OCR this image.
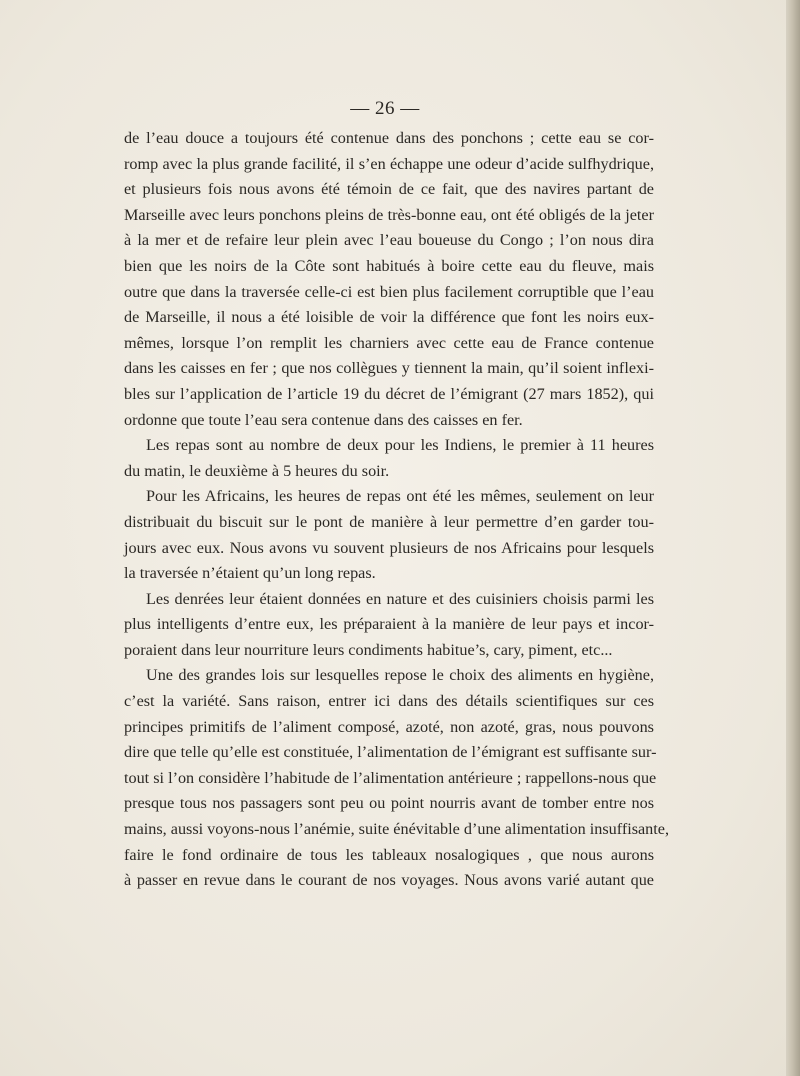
— 26 —
de l’eau douce a toujours été contenue dans des ponchons ; cette eau se cor-
romp avec la plus grande facilité, il s’en échappe une odeur d’acide sulfhydrique,
et plusieurs fois nous avons été témoin de ce fait, que des navires partant de
Marseille avec leurs ponchons pleins de très-bonne eau, ont été obligés de la jeter
à la mer et de refaire leur plein avec l’eau boueuse du Congo ; l’on nous dira
bien que les noirs de la Côte sont habitués à boire cette eau du fleuve, mais
outre que dans la traversée celle-ci est bien plus facilement corruptible que l’eau
de Marseille, il nous a été loisible de voir la différence que font les noirs eux-
mêmes, lorsque l’on remplit les charniers avec cette eau de France contenue
dans les caisses en fer ; que nos collègues y tiennent la main, qu’il soient inflexi-
bles sur l’application de l’article 19 du décret de l’émigrant (27 mars 1852), qui
ordonne que toute l’eau sera contenue dans des caisses en fer.
Les repas sont au nombre de deux pour les Indiens, le premier à 11 heures
du matin, le deuxième à 5 heures du soir.
Pour les Africains, les heures de repas ont été les mêmes, seulement on leur
distribuait du biscuit sur le pont de manière à leur permettre d’en garder tou-
jours avec eux. Nous avons vu souvent plusieurs de nos Africains pour lesquels
la traversée n’étaient qu’un long repas.
Les denrées leur étaient données en nature et des cuisiniers choisis parmi les
plus intelligents d’entre eux, les préparaient à la manière de leur pays et incor-
poraient dans leur nourriture leurs condiments habitue’s, cary, piment, etc...
Une des grandes lois sur lesquelles repose le choix des aliments en hygiène,
c’est la variété. Sans raison, entrer ici dans des détails scientifiques sur ces
principes primitifs de l’aliment composé, azoté, non azoté, gras, nous pouvons
dire que telle qu’elle est constituée, l’alimentation de l’émigrant est suffisante sur-
tout si l’on considère l’habitude de l’alimentation antérieure ; rappellons-nous que
presque tous nos passagers sont peu ou point nourris avant de tomber entre nos
mains, aussi voyons-nous l’anémie, suite énévitable d’une alimentation insuffisante,
faire le fond ordinaire de tous les tableaux nosalogiques , que nous aurons
à passer en revue dans le courant de nos voyages. Nous avons varié autant que
